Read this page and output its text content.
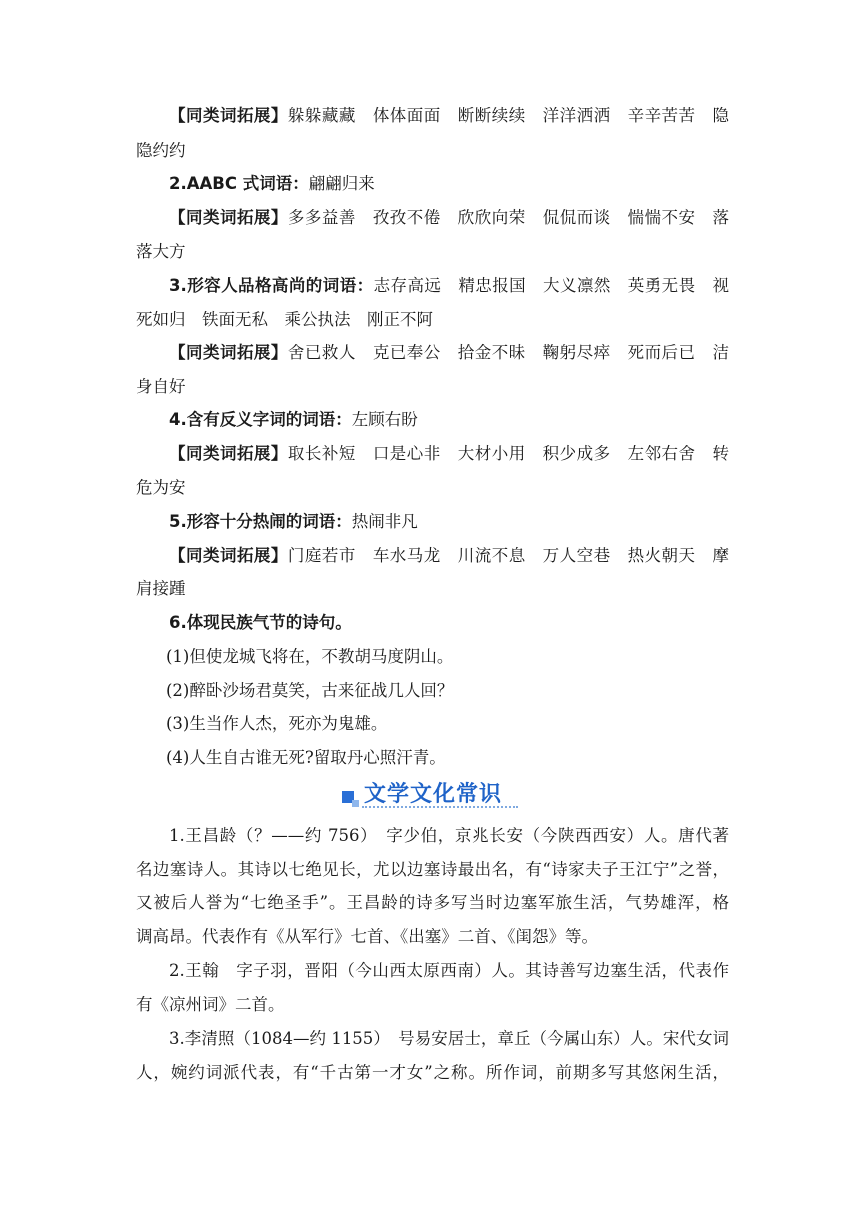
【同类词拓展】躲躲藏藏　体体面面　断断续续　洋洋洒洒　辛辛苦苦　隐
隐约约
2.AABC 式词语：翩翩归来
【同类词拓展】多多益善　孜孜不倦　欣欣向荣　侃侃而谈　惴惴不安　落
落大方
3.形容人品格高尚的词语：志存高远　精忠报国　大义凛然　英勇无畏　视
死如归　铁面无私　乘公执法　刚正不阿
【同类词拓展】舍已救人　克已奉公　拾金不昧　鞠躬尽瘁　死而后已　洁
身自好
4.含有反义字词的词语：左顾右盼
【同类词拓展】取长补短　口是心非　大材小用　积少成多　左邻右舍　转
危为安
5.形容十分热闹的词语：热闹非凡
【同类词拓展】门庭若市　车水马龙　川流不息　万人空巷　热火朝天　摩
肩接踵
6.体现民族气节的诗句。
(1)但使龙城飞将在，不教胡马度阴山。
(2)醉卧沙场君莫笑，古来征战几人回？
(3)生当作人杰，死亦为鬼雄。
(4)人生自古谁无死?留取丹心照汗青。
文学文化常识
1.王昌龄（？——约 756）　字少伯，京兆长安（今陕西西安）人。唐代著
名边塞诗人。其诗以七绝见长，尤以边塞诗最出名，有“诗家夫子王江宁”之誉，
又被后人誉为“七绝圣手”。王昌龄的诗多写当时边塞军旅生活，气势雄浑，格
调高昂。代表作有《从军行》七首、《出塞》二首、《闺怨》等。
2.王翰　字子羽，晋阳（今山西太原西南）人。其诗善写边塞生活，代表作
有《凉州词》二首。
3.李清照（1084—约 1155）　号易安居士，章丘（今属山东）人。宋代女词
人，婉约词派代表，有“千古第一才女”之称。所作词，前期多写其悠闲生活，
